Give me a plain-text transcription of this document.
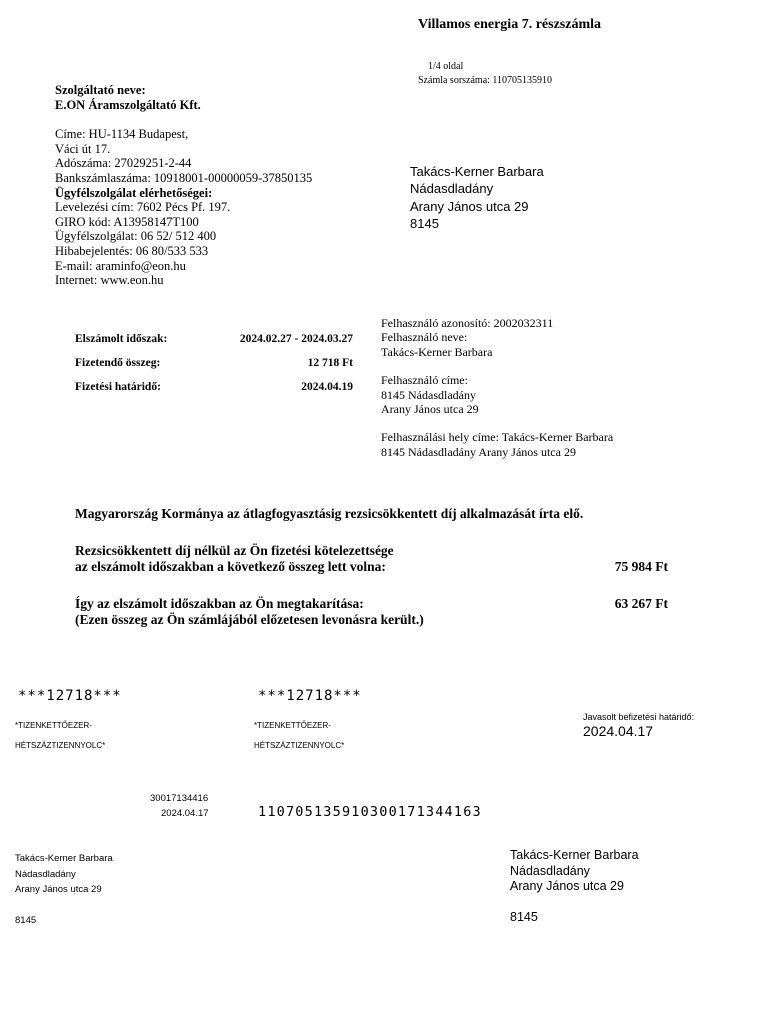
Villamos energia 7. részszámla
1/4 oldal
Számla sorszáma: 110705135910
Szolgáltató neve:
E.ON Áramszolgáltató Kft.
Címe: HU-1134 Budapest,
Váci út 17.
Adószáma: 27029251-2-44
Bankszámlaszáma: 10918001-00000059-37850135
Ügyfélszolgálat elérhetőségei:
Levelezési cím: 7602 Pécs Pf. 197.
GIRO kód: A13958147T100
Ügyfélszolgálat: 06 52/ 512 400
Hibabejelentés: 06 80/533 533
E-mail: araminfo@eon.hu
Internet: www.eon.hu
Takács-Kerner Barbara
Nádasdladány
Arany János utca 29
8145
Elszámolt időszak:	2024.02.27 - 2024.03.27
Fizetendő összeg:	12 718 Ft
Fizetési határidő:	2024.04.19
Felhasználó azonosító: 2002032311
Felhasználó neve:
Takács-Kerner Barbara
Felhasználó címe:
8145 Nádasdladány
Arany János utca 29
Felhasználási hely címe: Takács-Kerner Barbara
8145 Nádasdladány Arany János utca 29
Magyarország Kormánya az átlagfogyasztásig rezsicsökkentett díj alkalmazását írta elő.
Rezsicsökkentett díj nélkül az Ön fizetési kötelezettsége
az elszámolt időszakban a következő összeg lett volna:	75 984 Ft
Így az elszámolt időszakban az Ön megtakarítása:
(Ezen összeg az Ön számlájából előzetesen levonásra került.)
63 267 Ft
***12718***	***12718***
*TIZENKETTŐEZER-
HÉTSZÁZTIZENNYOLC*
*TIZENKETTŐEZER-
HÉTSZÁZTIZENNYOLC*
Javasolt befizetési határidő:
2024.04.17
30017134416
2024.04.17	11070513591030017134416З
Takács-Kerner Barbara
Nádasdladány
Arany János utca 29
8145
Takács-Kerner Barbara
Nádasdladány
Arany János utca 29
8145
